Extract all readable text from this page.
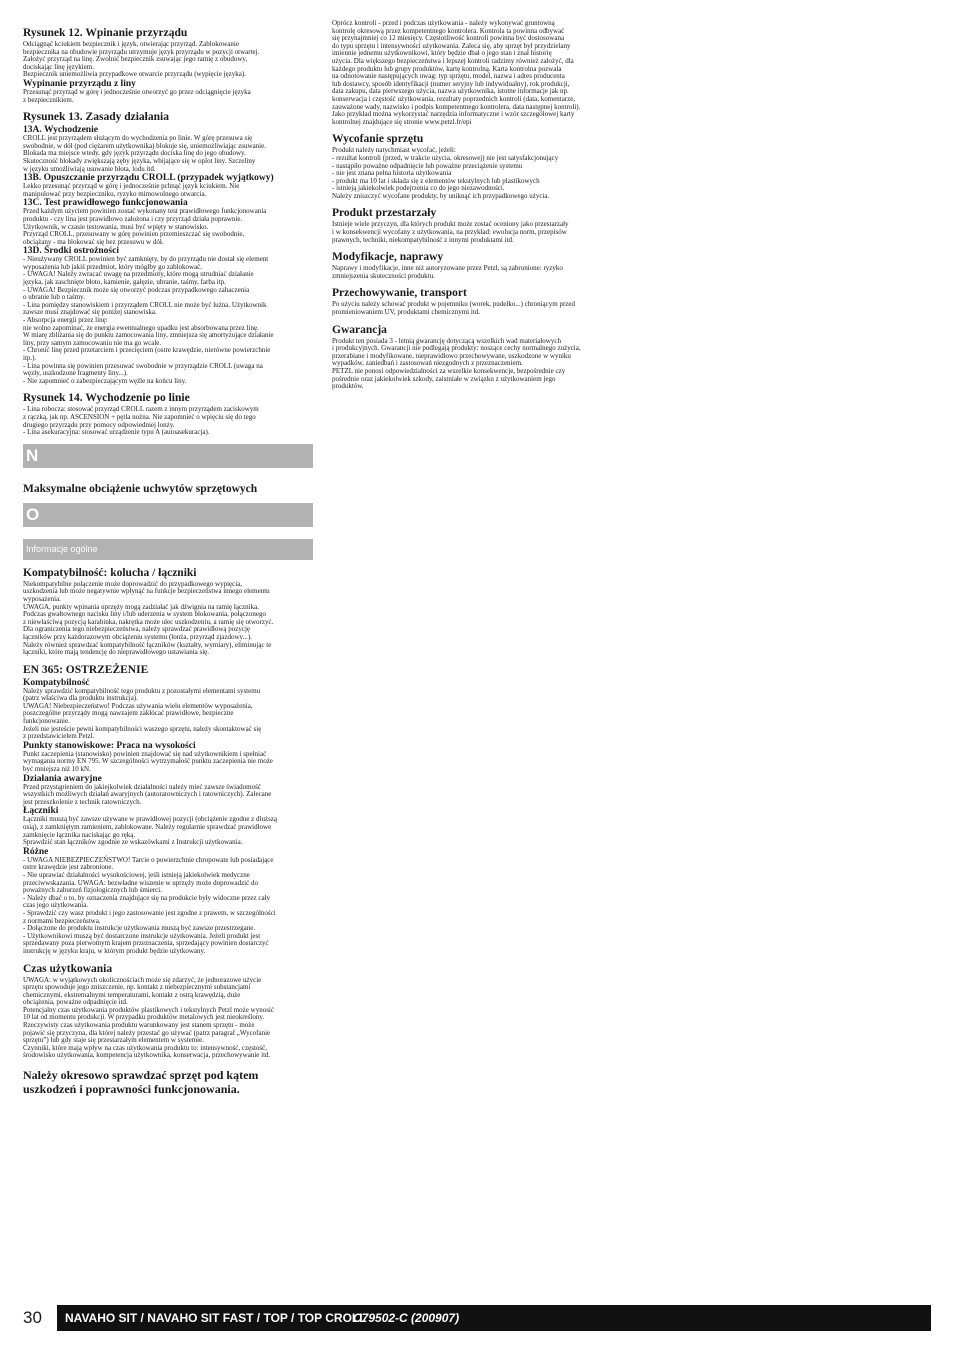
Rysunek 12. Wpinanie przyrządu

Odciągnąć kciukiem bezpiecznik i język, otwierając przyrząd. Zablokowanie
bezpiecznika na obudowie przyrządu utrzymuje język przyrządu w pozycji otwartej.
Założyć przyrząd na linę. Zwolnić bezpiecznik zsuwając jego ramię z obudowy,
dociskając linę językiem.
Bezpiecznik uniemożliwia przypadkowe otwarcie przyrządu (wypięcie języka).

Wypinanie przyrządu z liny

Przesunąć przyrząd w górę i jednocześnie otworzyć go przez odciągnięcie języka
z bezpiecznikiem.

Rysunek 13. Zasady działania
13A. Wychodzenie

CROLL jest przyrządem służącym do wychodzenia po linie. W górę przesuwa się
swobodnie, w dół (pod ciężarem użytkownika) blokuje się, uniemożliwiając zsuwanie.
Blokada ma miejsce wtedy, gdy język przyrządu dociska linę do jego obudowy.
Skuteczność blokady zwiększają zęby języka, wbijające się w oplot liny. Szczeliny
w języku umożliwiają usuwanie błota, lodu itd.

13B. Opuszczanie przyrządu CROLL (przypadek wyjątkowy)

Lekko przesunąć przyrząd w górę i jednocześnie pchnąć język kciukiem. Nie
manipulować przy bezpieczniku, ryzyko mimowolnego otwarcia.

13C. Test prawidłowego funkcjonowania

Przed każdym użyciem powinien zostać wykonany test prawidłowego funkcjonowania
produktu - czy lina jest prawidłowo założona i czy przyrząd działa poprawnie.
Użytkownik, w czasie testowania, musi być wpięty w stanowisko.
Przyrząd CROLL, przesuwany w górę powinien przemieszczać się swobodnie,
obciążany - ma blokować się bez przesuwu w dół.

13D. Środki ostrożności

- Nieużywany CROLL powinien być zamknięty, by do przyrządu nie dostał się element
wyposażenia lub jakiś przedmiot, który mógłby go zablokować.
- UWAGA! Należy zwracać uwagę na przedmioty, które mogą utrudniać działanie
języka, jak zaschnięte błoto, kamienie, gałęzie, ubranie, taśmy, farba itp.
- UWAGA! Bezpiecznik może się otworzyć podczas przypadkowego zahaczenia
o ubranie lub o taśmy.
- Lina pomiędzy stanowiskiem i przyrządem CROLL nie może być luźna. Użytkownik
zawsze musi znajdować się poniżej stanowiska.
- Absorpcja energii przez linę:
nie wolno zapominać, że energia ewentualnego upadku jest absorbowana przez linę.
W miarę zbliżania się do punktu zamocowania liny, zmniejsza się amortyzujące działanie
liny, przy samym zamocowaniu nie ma go wcale.
- Chronić linę przed przetarciem i przecięciem (ostre krawędzie, nierówne powierzchnie
itp.).
- Lina powinna się powinien przesuwać swobodnie w przyrządzie CROLL (uwaga na
węzły, uszkodzone fragmenty liny...).
- Nie zapomnieć o zabezpieczającym węźle na końcu liny.

Rysunek 14. Wychodzenie po linie

- Lina robocza: stosować przyrząd CROLL razem z innym przyrządem zaciskowym
z rączką, jak np. ASCENSION + pętla nożna. Nie zapomnieć o wpięciu się do tego
drugiego przyrządu przy pomocy odpowiedniej lonży.
- Lina asekuracyjna: stosować urządzenie typu A (autoasekuracja).

N
Maksymalne obciążenie uchwytów sprzętowych
O
Informacje ogólne
Kompatybilność: kolucha / łączniki

Niekompatybilne połączenie może doprowadzić do przypadkowego wypięcia,
uszkodzenia lub może negatywnie wpłynąć na funkcje bezpieczeństwa innego elementu
wyposażenia.
UWAGA, punkty wpinania uprzęży mogą zadziałać jak dźwignia na ramię łącznika.
Podczas gwałtownego nacisku liny i/lub uderzenia w system blokowania, połączonego
z niewłaściwą pozycją karabinka, nakrętka może ulec uszkodzeniu, a ramię się otworzyć.
Dla ograniczenia tego niebezpieczeństwa, należy sprawdzać prawidłową pozycję
łączników przy każdorazowym obciążeniu systemu (lonża, przyrząd zjazdowy...).
Należy również sprawdzać kompatybilność łączników (kształty, wymiary), eliminując te
łączniki, które mają tendencję do nieprawidłowego ustawiania się.

EN 365: OSTRZEŻENIE
Kompatybilność

Należy sprawdzić kompatybilność tego produktu z pozostałymi elementami systemu
(patrz właściwa dla produktu instrukcja).
UWAGA! Niebezpieczeństwo! Podczas używania wielu elementów wyposażenia,
poszczególne przyrządy mogą nawzajem zakłócać prawidłowe, bezpieczne
funkcjonowanie.
Jeżeli nie jesteście pewni kompatybilności waszego sprzętu, należy skontaktować się
z przedstawicielem Petzl.

Punkty stanowiskowe: Praca na wysokości

Punkt zaczepienia (stanowisko) powinien znajdować się nad użytkownikiem i spełniać
wymagania normy EN 795. W szczególności wytrzymałość punktu zaczepienia nie może
być mniejsza niż 10 kN.

Działania awaryjne

Przed przystąpieniem do jakiejkolwiek działalności należy mieć zawsze świadomość
wszystkich możliwych działań awaryjnych (autoratowniczych i ratowniczych). Zalecane
jest przeszkolenie z technik ratowniczych.

Łączniki

Łączniki muszą być zawsze używane w prawidłowej pozycji (obciążenie zgodne z dłuższą
osią), z zamkniętym ramieniem, zablokowane. Należy regularnie sprawdzać prawidłowe
zamknięcie łącznika naciskając go ręką.
Sprawdzić stan łączników zgodnie ze wskazówkami z Instrukcji użytkowania.

Różne

- UWAGA NIEBEZPIECZEŃSTWO! Tarcie o powierzchnie chropowate lub posiadające
ostre krawędzie jest zabronione.
- Nie uprawiać działalności wysokościowej, jeśli istnieją jakiekolwiek medyczne
przeciwwskazania. UWAGA: bezwładne wiszenie w uprzęży może doprowadzić do
poważnych zaburzeń fizjologicznych lub śmierci.
- Należy dbać o to, by oznaczenia znajdujące się na produkcie były widoczne przez cały
czas jego użytkowania.
- Sprawdzić czy wasz produkt i jego zastosowanie jest zgodne z prawem, w szczególności
z normami bezpieczeństwa.
- Dołączone do produktu instrukcje użytkowania muszą być zawsze przestrzegane.
- Użytkownikowi muszą być dostarczone instrukcje użytkowania. Jeżeli produkt jest
sprzedawany poza pierwotnym krajem przeznaczenia, sprzedający powinien dostarczyć
instrukcję w języku kraju, w którym produkt będzie użytkowany.

Czas użytkowania

UWAGA: w wyjątkowych okolicznościach może się zdarzyć, że jednorazowe użycie
sprzętu spowoduje jego zniszczenie, np. kontakt z niebezpiecznymi substancjami
chemicznymi, ekstremalnymi temperaturami, kontakt z ostrą krawędzią, duże
obciążenia, poważne odpadnięcie itd.
Potencjalny czas użytkowania produktów plastikowych i tekstylnych Petzl może wynosić
10 lat od momentu produkcji. W przypadku produktów metalowych jest nieokreślony.
Rzeczywisty czas użytkowania produktu warunkowany jest stanem sprzętu - może
pojawić się przyczyna, dla której należy przestać go używać (patrz paragraf „Wycofanie
sprzętu”) lub gdy staje się przestarzałym elementem w systemie.
Czynniki, które mają wpływ na czas użytkowania produktu to: intensywność, częstość,
środowisko użytkowania, kompetencja użytkownika, konserwacja, przechowywanie itd.

Należy okresowo sprawdzać sprzęt pod kątem uszkodzeń i poprawności funkcjonowania.

Oprócz kontroli - przed i podczas użytkowania - należy wykonywać gruntowną
kontrolę okresową przez kompetentnego kontrolera. Kontrola ta powinna odbywać
się przynajmniej co 12 miesięcy. Częstotliwość kontroli powinna być dostosowana
do typu sprzętu i intensywności użytkowania. Zaleca się, aby sprzęt był przydzielany
imiennie jednemu użytkownikowi, który będzie dbał o jego stan i znał historię
użycia. Dla większego bezpieczeństwa i lepszej kontroli radzimy również założyć, dla
każdego produktu lub grupy produktów, kartę kontrolną. Karta kontrolna pozwala
na odnotowanie następujących uwag: typ sprzętu, model, nazwa i adres producenta
lub dostawcy, sposób identyfikacji (numer seryjny lub indywidualny), rok produkcji,
data zakupu, data pierwszego użycia, nazwa użytkownika, istotne informacje jak np.
konserwacja i częstość użytkowania, rezultaty poprzednich kontroli (data, komentarze,
zauważone wady, nazwisko i podpis kompetentnego kontrolera, data następnej kontroli).
Jako przykład można wykorzystać narzędzia informatyczne i wzór szczegółowej karty
kontrolnej znajdujące się stronie www.petzl.fr/epi

Wycofanie sprzętu

Produkt należy natychmiast wycofać, jeżeli:
- rezultat kontroli (przed, w trakcie użycia, okresowej) nie jest satysfakcjonujący
- nastąpiło poważne odpadnięcie lub poważne przeciążenie systemu
- nie jest znana pełna historia użytkowania
- produkt ma 10 lat i składa się z elementów tekstylnych lub plastikowych
- istnieją jakiekolwiek podejrzenia co do jego niezawodności.
Należy zniszczyć wycofane produkty, by uniknąć ich przypadkowego użycia.

Produkt przestarzały

Istnieje wiele przyczyn, dla których produkt może zostać oceniony jako przestarzały
i w konsekwencji wycofany z użytkowania, na przykład: ewolucja norm, przepisów
prawnych, techniki, niekompatybilność z innymi produktami itd.

Modyfikacje, naprawy

Naprawy i modyfikacje, inne niż autoryzowane przez Petzl, są zabronione: ryzyko
zmniejszenia skuteczności produktu.

Przechowywanie, transport

Po użyciu należy schować produkt w pojemniku (worek, pudełko...) chroniącym przed
promieniowaniem UV, produktami chemicznymi itd.

Gwarancja

Produkt ten posiada 3 - letnią gwarancję dotyczącą wszelkich wad materiałowych
i produkcyjnych. Gwarancji nie podlegają produkty: noszące cechy normalnego zużycia,
przerabiane i modyfikowane, nieprawidłowo przechowywane, uszkodzone w wyniku
wypadków, zaniedbań i zastosowań niezgodnych z przeznaczeniem.
PETZL nie ponosi odpowiedzialności za wszelkie konsekwencje, bezpośrednie czy
pośrednie oraz jakiekolwiek szkody, zaistniałe w związku z użytkowaniem jego
produktów.

30	NAVAHO SIT / NAVAHO SIT FAST / TOP / TOP CROLL
C79502-C (200907)
